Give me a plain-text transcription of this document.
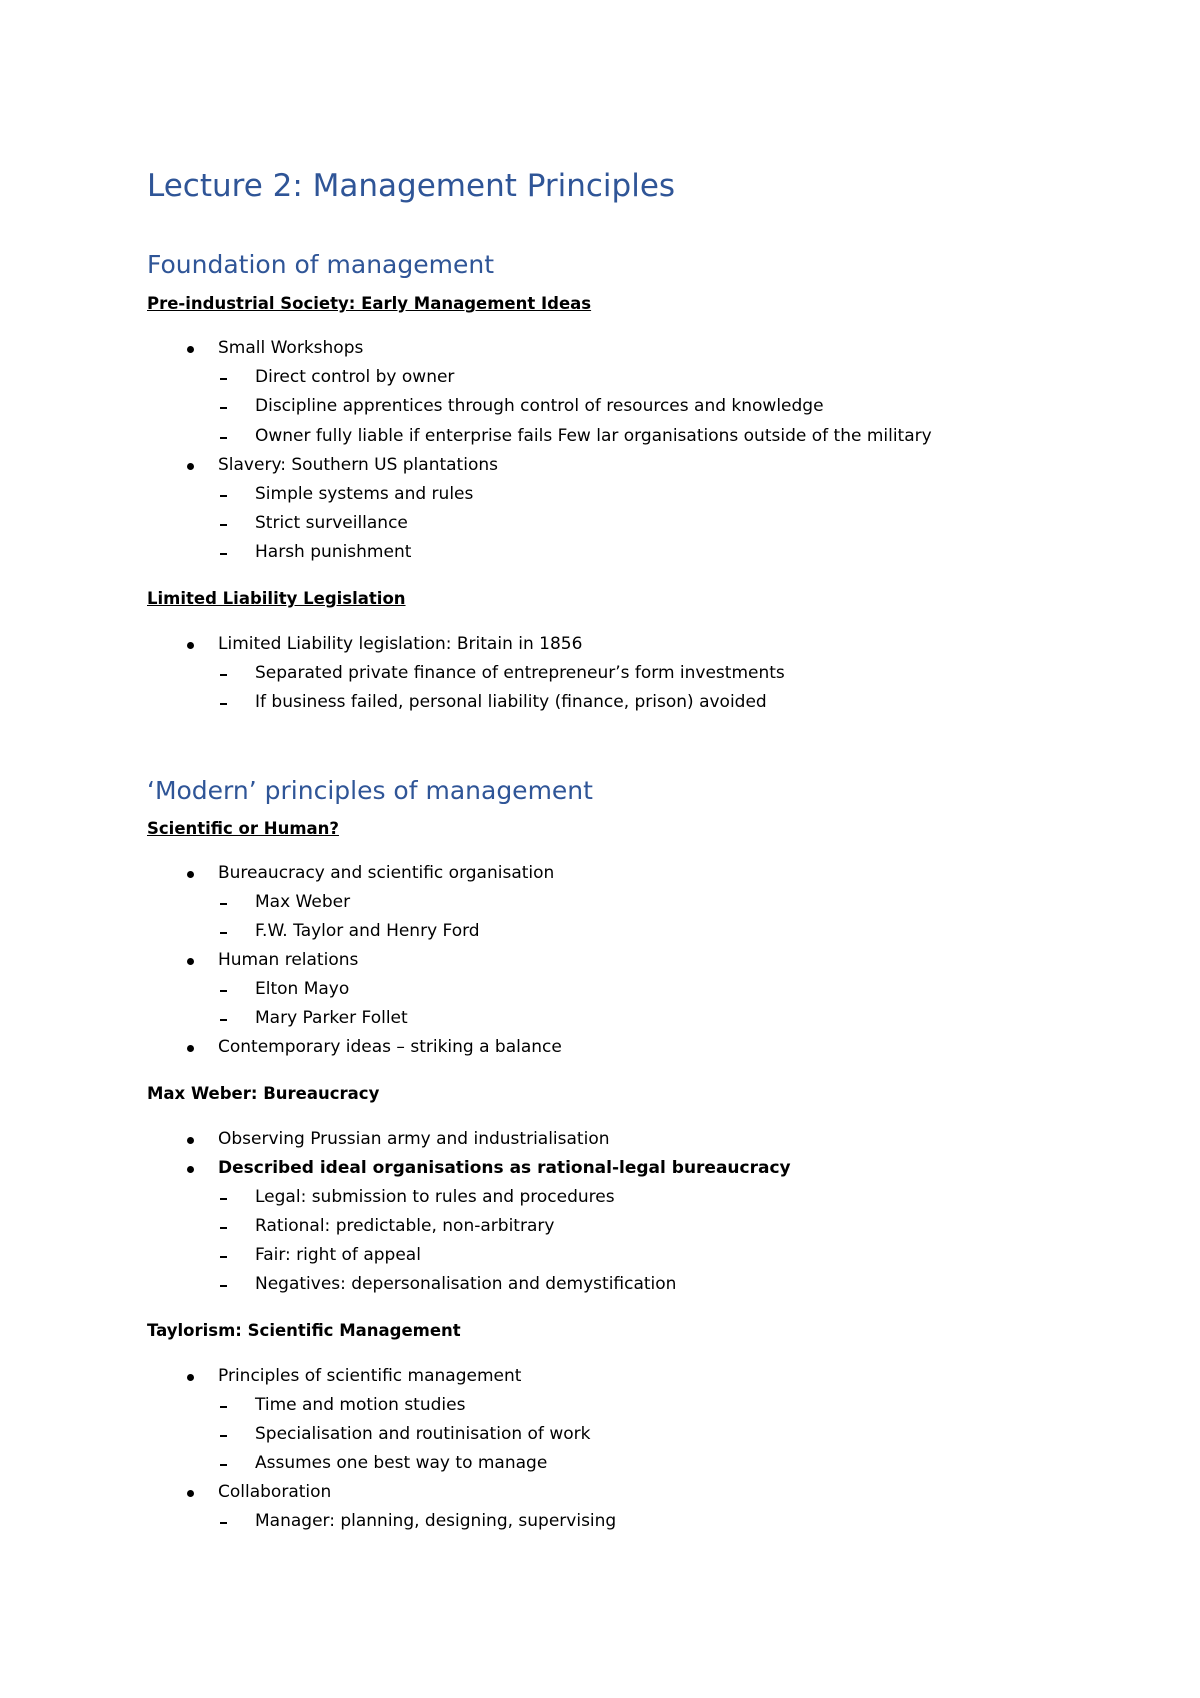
Lecture 2: Management Principles
Foundation of management
Pre-industrial Society: Early Management Ideas
Small Workshops
Direct control by owner
Discipline apprentices through control of resources and knowledge
Owner fully liable if enterprise fails Few lar organisations outside of the military
Slavery: Southern US plantations
Simple systems and rules
Strict surveillance
Harsh punishment
Limited Liability Legislation
Limited Liability legislation: Britain in 1856
Separated private finance of entrepreneur’s form investments
If business failed, personal liability (finance, prison) avoided
‘Modern’ principles of management
Scientific or Human?
Bureaucracy and scientific organisation
Max Weber
F.W. Taylor and Henry Ford
Human relations
Elton Mayo
Mary Parker Follet
Contemporary ideas – striking a balance
Max Weber: Bureaucracy
Observing Prussian army and industrialisation
Described ideal organisations as rational-legal bureaucracy
Legal: submission to rules and procedures
Rational: predictable, non-arbitrary
Fair: right of appeal
Negatives: depersonalisation and demystification
Taylorism: Scientific Management
Principles of scientific management
Time and motion studies
Specialisation and routinisation of work
Assumes one best way to manage
Collaboration
Manager: planning, designing, supervising
